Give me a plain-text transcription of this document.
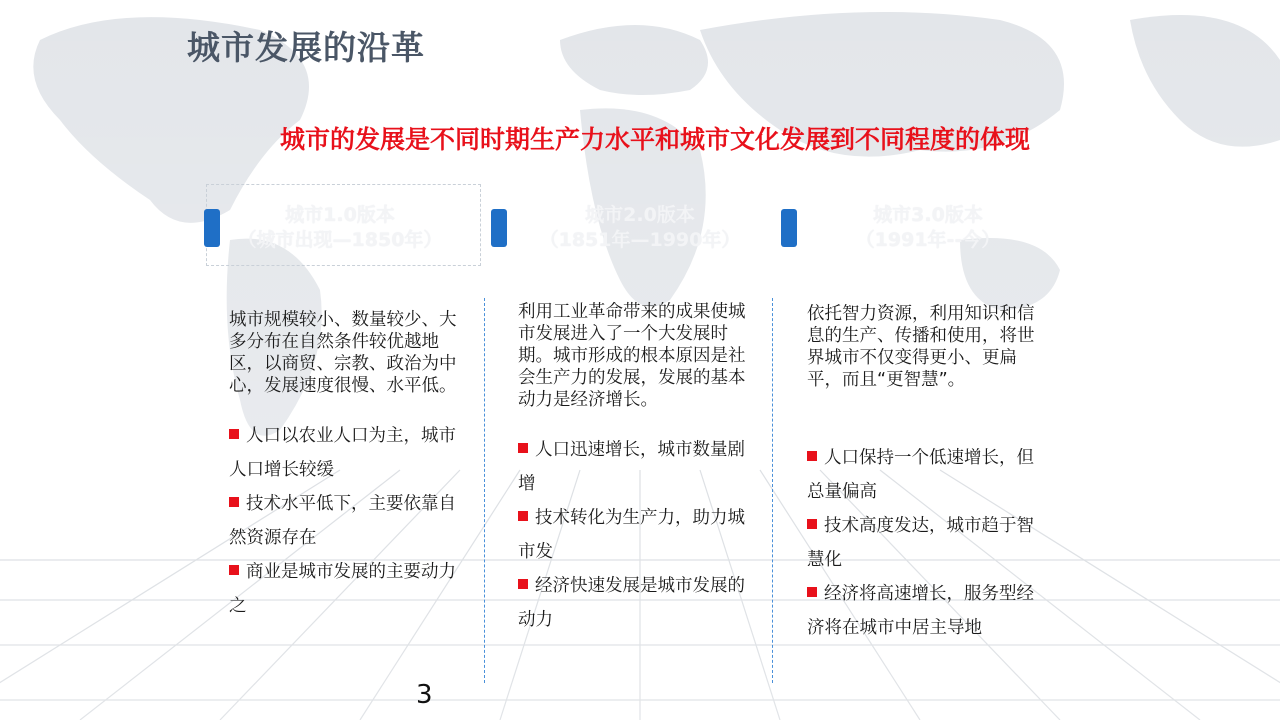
城市发展的沿革
城市的发展是不同时期生产力水平和城市文化发展到不同程度的体现
城市1.0版本
（城市出现—1850年）
城市2.0版本
（1851年—1990年）
城市3.0版本
（1991年--今）

城市规模较小、数量较少、大多分布在自然条件较优越地区，以商贸、宗教、政治为中心，发展速度很慢、水平低。

人口以农业人口为主，城市人口增长较缓
技术水平低下，主要依靠自然资源存在
商业是城市发展的主要动力之

利用工业革命带来的成果使城市发展进入了一个大发展时期。城市形成的根本原因是社会生产力的发展，发展的基本动力是经济增长。

人口迅速增长，城市数量剧增
技术转化为生产力，助力城市发
经济快速发展是城市发展的动力

依托智力资源，利用知识和信息的生产、传播和使用，将世界城市不仅变得更小、更扁平，而且“更智慧”。

人口保持一个低速增长，但总量偏高
技术高度发达，城市趋于智慧化
经济将高速增长，服务型经济将在城市中居主导地
3
